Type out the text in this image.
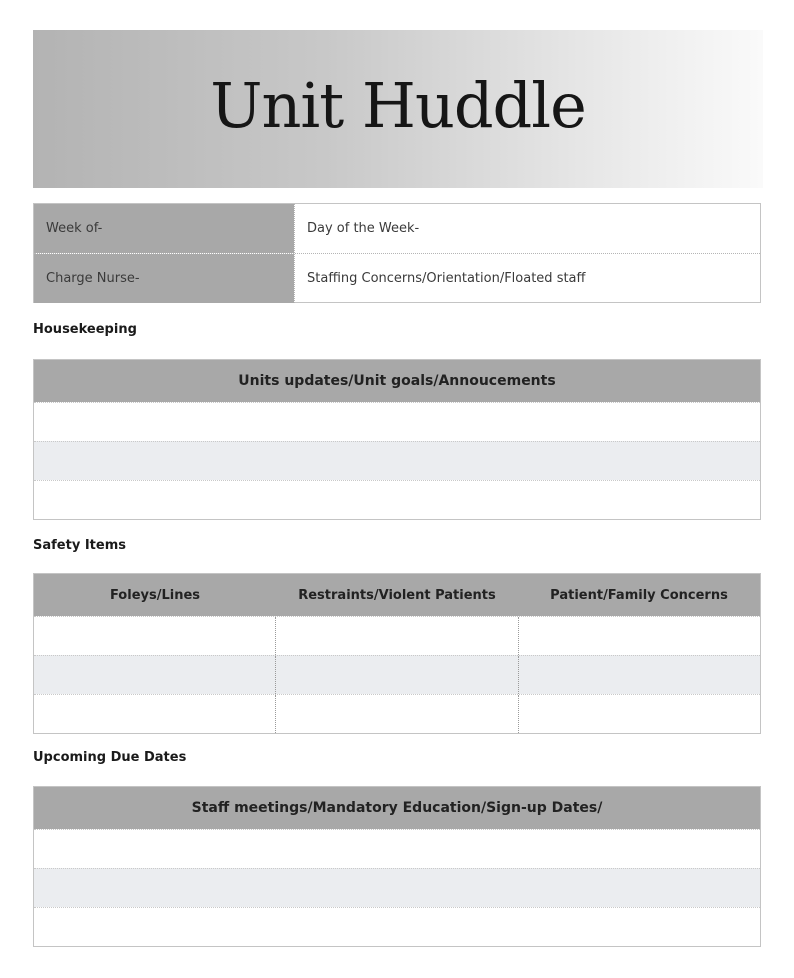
Unit Huddle
Week of-	Day of the Week-
Charge Nurse-	Staffing Concerns/Orientation/Floated staff
Housekeeping
Units updates/Unit goals/Annoucements
Safety Items
Foleys/Lines	Restraints/Violent Patients	Patient/Family Concerns
Upcoming Due Dates
Staff meetings/Mandatory Education/Sign-up Dates/
